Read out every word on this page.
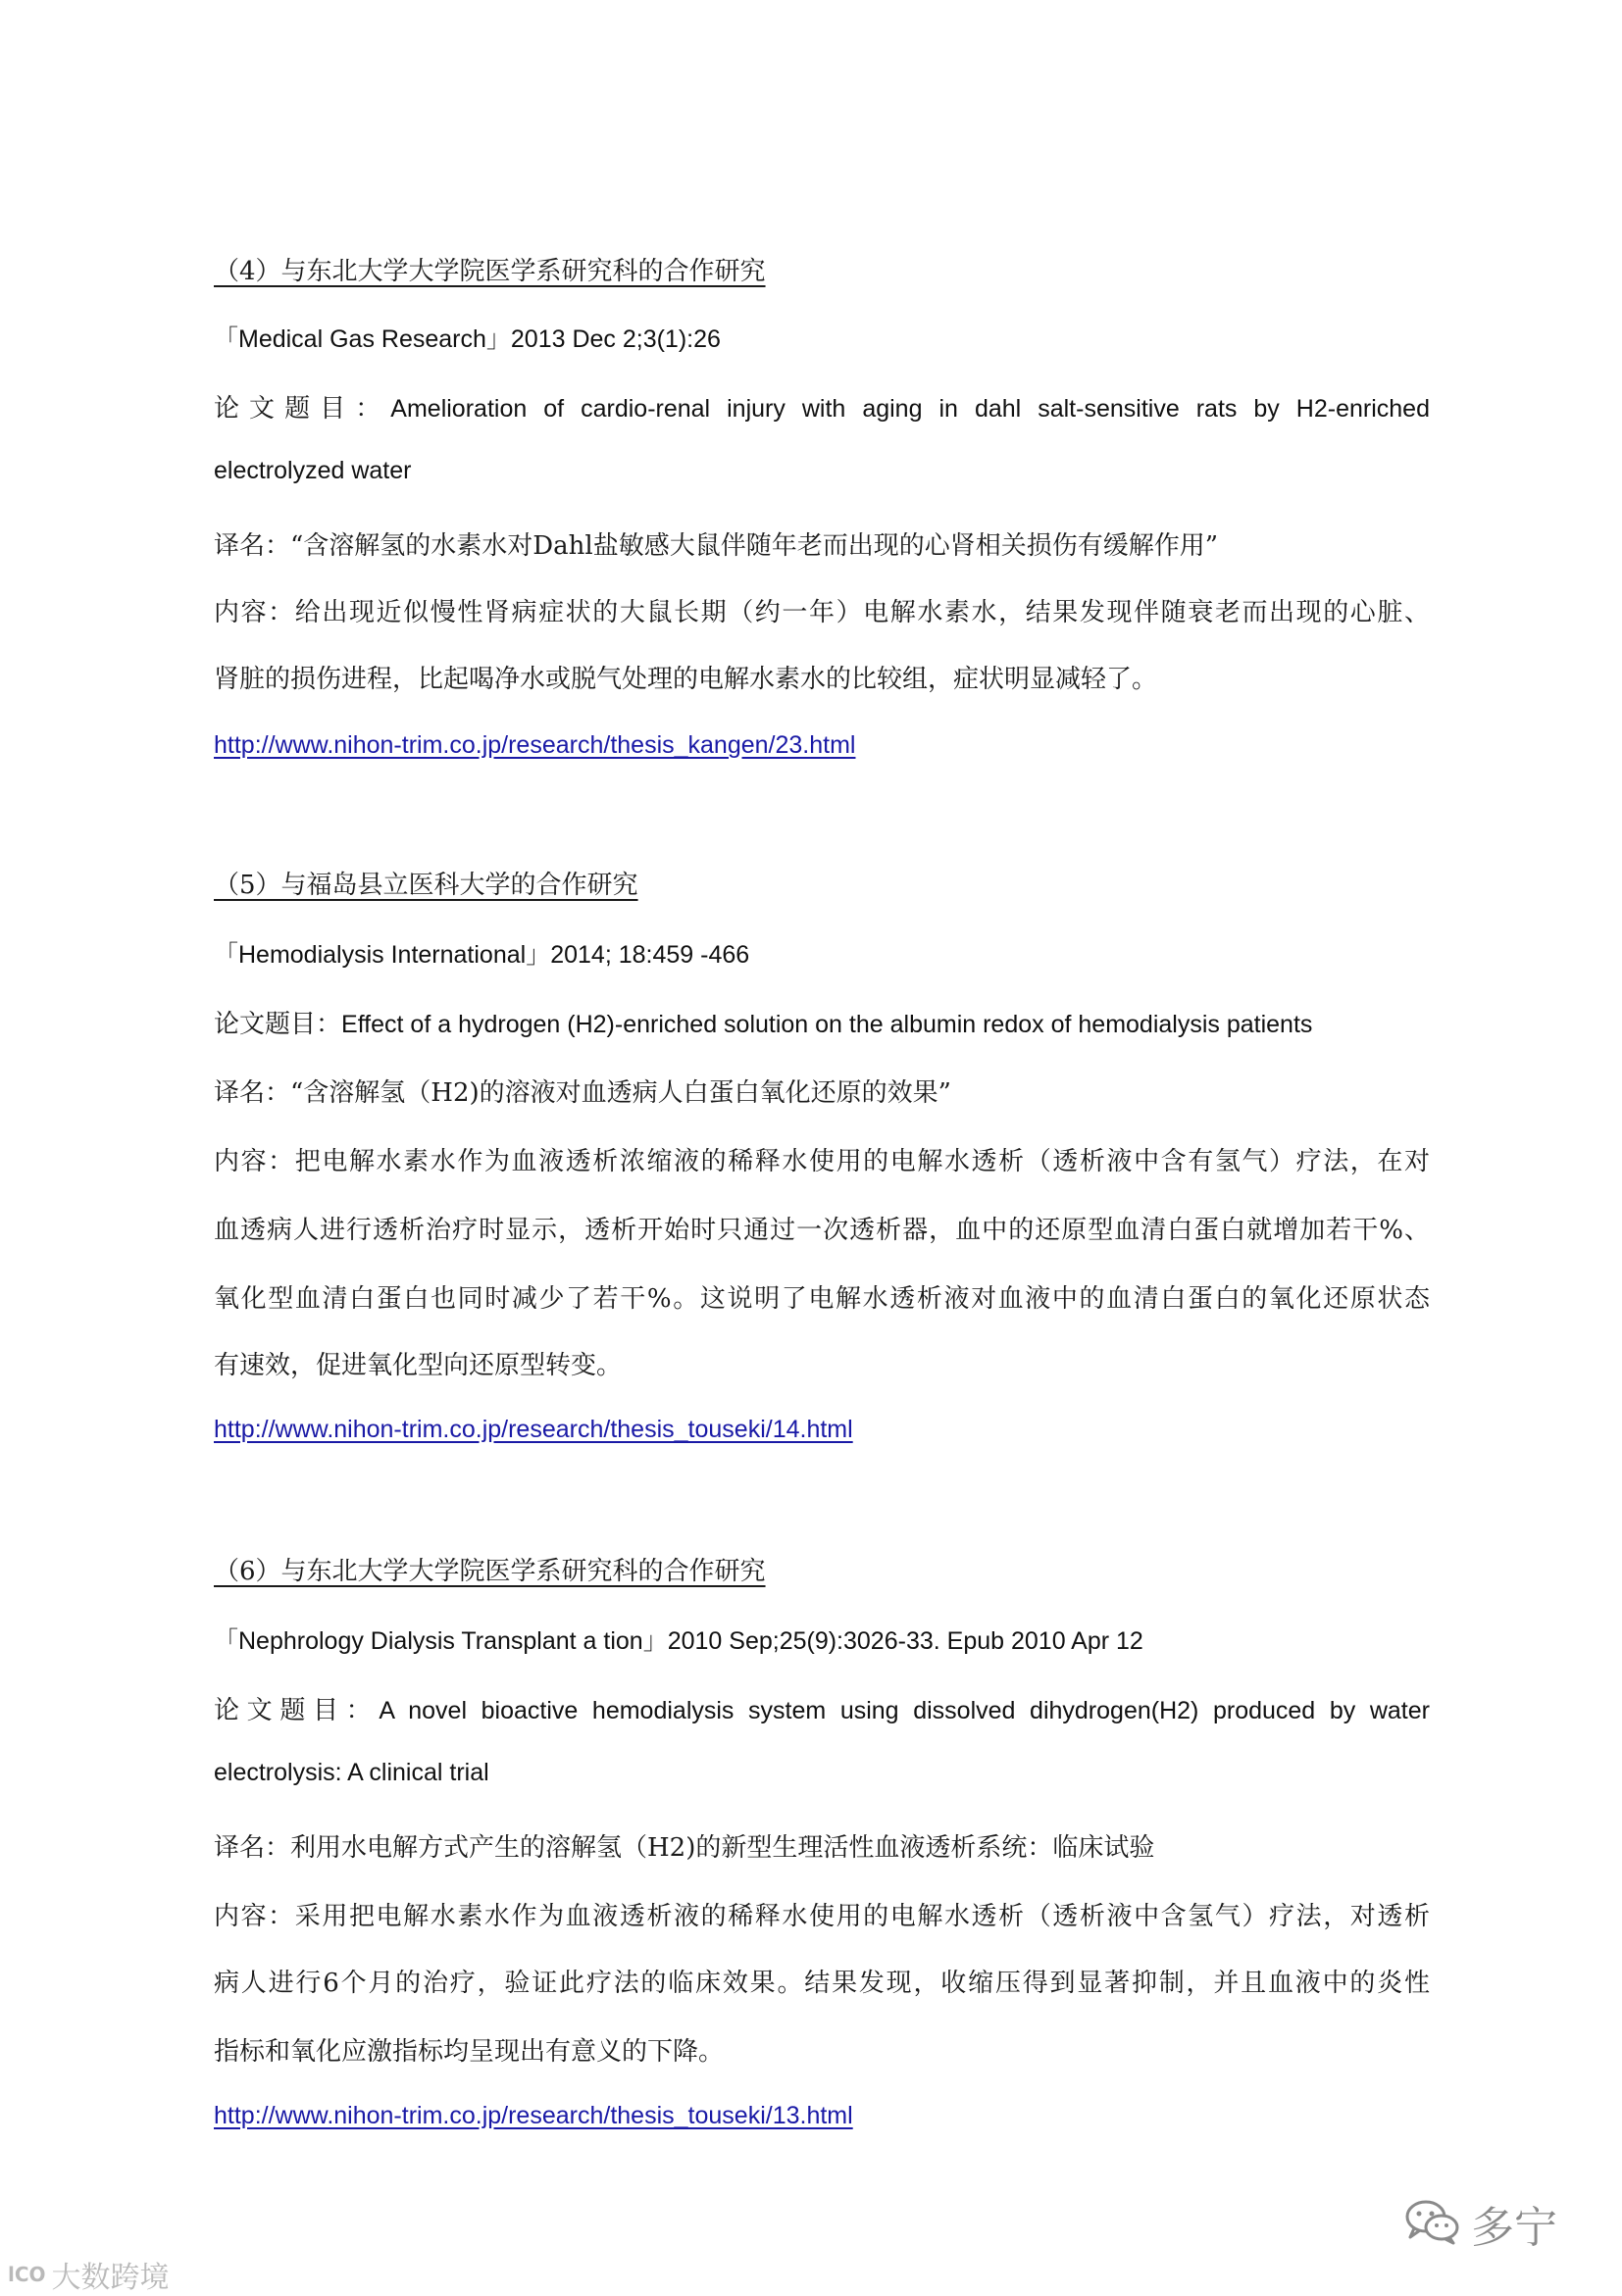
（4）与东北大学大学院医学系研究科的合作研究
「Medical Gas Research」2013 Dec 2;3(1):26
论文题目：Amelioration of cardio-renal injury with aging in dahl salt-sensitive rats by H2-enriched
electrolyzed water
译名：“含溶解氢的水素水对Dahl盐敏感大鼠伴随年老而出现的心肾相关损伤有缓解作用”
内容：给出现近似慢性肾病症状的大鼠长期（约一年）电解水素水，结果发现伴随衰老而出现的心脏、
肾脏的损伤进程，比起喝净水或脱气处理的电解水素水的比较组，症状明显减轻了。
http://www.nihon-trim.co.jp/research/thesis_kangen/23.html
（5）与福岛县立医科大学的合作研究
「Hemodialysis International」2014; 18:459 -466
论文题目：Effect of a hydrogen (H2)-enriched solution on the albumin redox of hemodialysis patients
译名：“含溶解氢（H2)的溶液对血透病人白蛋白氧化还原的效果”
内容：把电解水素水作为血液透析浓缩液的稀释水使用的电解水透析（透析液中含有氢气）疗法，在对
血透病人进行透析治疗时显示，透析开始时只通过一次透析器，血中的还原型血清白蛋白就增加若干%、
氧化型血清白蛋白也同时减少了若干%。这说明了电解水透析液对血液中的血清白蛋白的氧化还原状态
有速效，促进氧化型向还原型转变。
http://www.nihon-trim.co.jp/research/thesis_touseki/14.html
（6）与东北大学大学院医学系研究科的合作研究
「Nephrology Dialysis Transplant a tion」2010 Sep;25(9):3026-33. Epub 2010 Apr 12
论文题目：A novel bioactive hemodialysis system using dissolved dihydrogen(H2) produced by water
electrolysis: A clinical trial
译名：利用水电解方式产生的溶解氢（H2)的新型生理活性血液透析系统：临床试验
内容：采用把电解水素水作为血液透析液的稀释水使用的电解水透析（透析液中含氢气）疗法，对透析
病人进行6个月的治疗，验证此疗法的临床效果。结果发现，收缩压得到显著抑制，并且血液中的炎性
指标和氧化应激指标均呈现出有意义的下降。
http://www.nihon-trim.co.jp/research/thesis_touseki/13.html
lCO 大数跨境
多宁
